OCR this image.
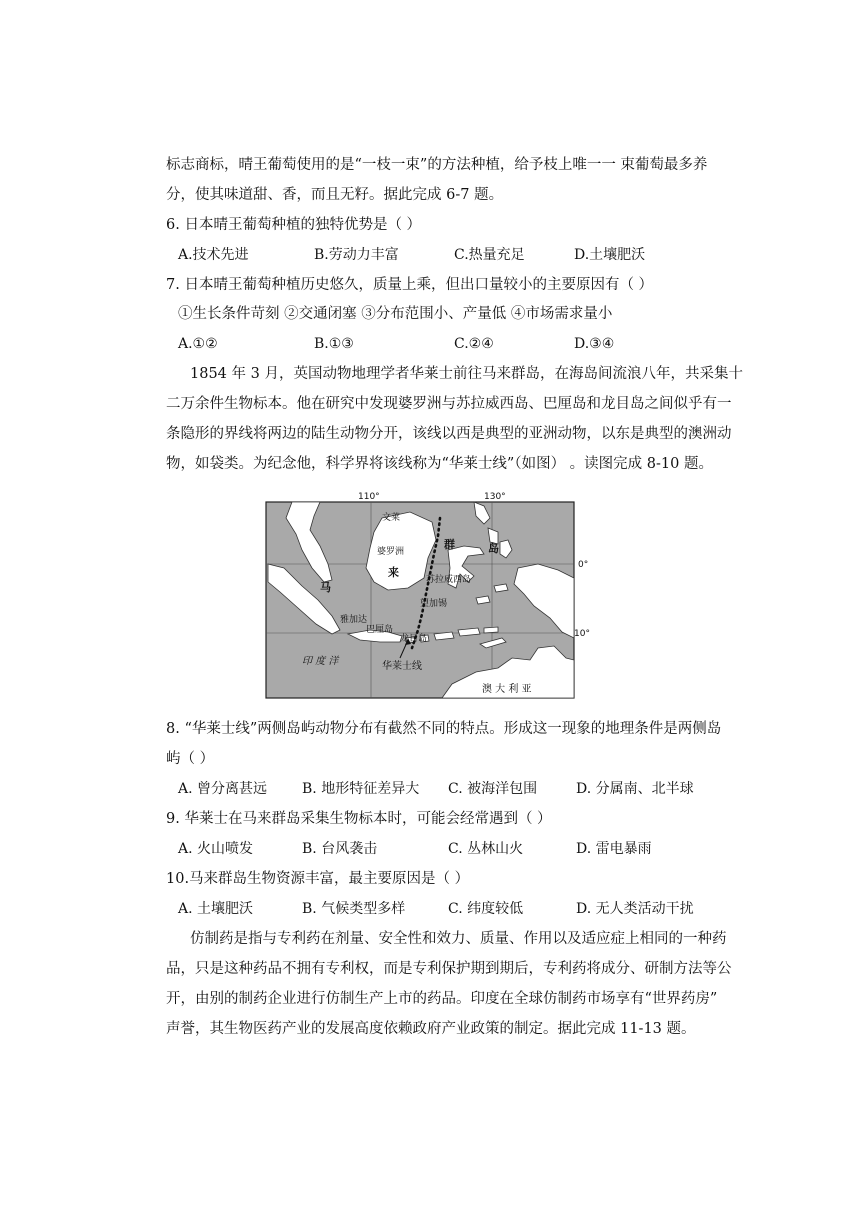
标志商标，晴王葡萄使用的是“一枝一束”的方法种植，给予枝上唯一一 束葡萄最多养
分，使其味道甜、香，而且无籽。据此完成 6-7 题。
6. 日本晴王葡萄种植的独特优势是（ ）
A.技术先进	B.劳动力丰富	C.热量充足	D.土壤肥沃
7. 日本晴王葡萄种植历史悠久，质量上乘，但出口量较小的主要原因有（ ）
①生长条件苛刻 ②交通闭塞 ③分布范围小、产量低 ④市场需求量小
A.①②	B.①③	C.②④	D.③④
1854 年 3 月，英国动物地理学者华莱士前往马来群岛，在海岛间流浪八年，共采集十
二万余件生物标本。他在研究中发现婆罗洲与苏拉威西岛、巴厘岛和龙目岛之间似乎有一
条隐形的界线将两边的陆生动物分开，该线以西是典型的亚洲动物，以东是典型的澳洲动
物，如袋类。为纪念他，科学界将该线称为“华莱士线”（如图） 。读图完成 8-10 题。
110°	130°
0°
10°
文莱
婆罗洲
马
来
群	岛
苏拉威西岛
雅加达
望加锡
巴厘岛
龙目岛
印 度 洋	华莱士线
澳 大 利 亚
8. “华莱士线”两侧岛屿动物分布有截然不同的特点。形成这一现象的地理条件是两侧岛
屿（ ）
A. 曾分离甚远 B. 地形特征差异大 C. 被海洋包围	D. 分属南、北半球
9. 华莱士在马来群岛采集生物标本时，可能会经常遇到（ ）
A. 火山喷发	B. 台风袭击	C. 丛林山火	D. 雷电暴雨
10.马来群岛生物资源丰富，最主要原因是（ ）
A. 土壤肥沃	B. 气候类型多样	C. 纬度较低	D. 无人类活动干扰
仿制药是指与专利药在剂量、安全性和效力、质量、作用以及适应症上相同的一种药
品，只是这种药品不拥有专利权，而是专利保护期到期后，专利药将成分、研制方法等公
开，由别的制药企业进行仿制生产上市的药品。印度在全球仿制药市场享有“世界药房”
声誉，其生物医药产业的发展高度依赖政府产业政策的制定。据此完成 11-13 题。
